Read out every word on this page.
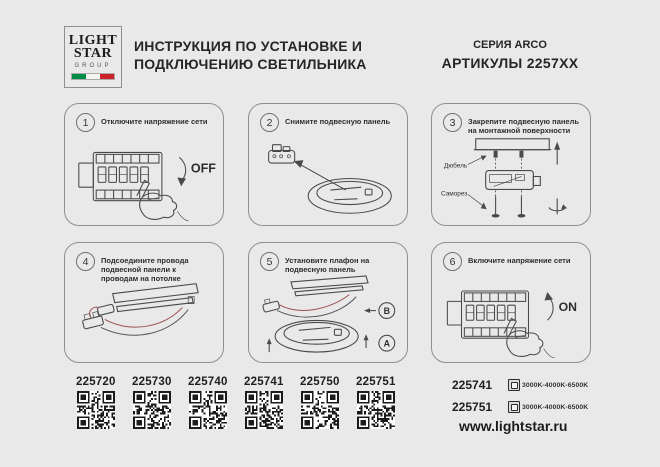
LIGHT
STAR
GROUP
ИНСТРУКЦИЯ ПО УСТАНОВКЕ И
ПОДКЛЮЧЕНИЮ СВЕТИЛЬНИКА
СЕРИЯ ARCO
АРТИКУЛЫ 2257ХХ
1	Отключите напряжение сети
OFF
2	Снимите подвесную панель	3	Закрепите подвесную панель на монтажной поверхности
Дюбель
Саморез
4	Подсоедините провода подвесной панели к проводам на потолке
5	Установите плафон на подвесную панель
B
A
6	Включите напряжение сети
ON
225720 225730 225740 225741 225750 225751	225741	3000K-4000K-6500K
225751	3000K-4000K-6500K
www.lightstar.ru
